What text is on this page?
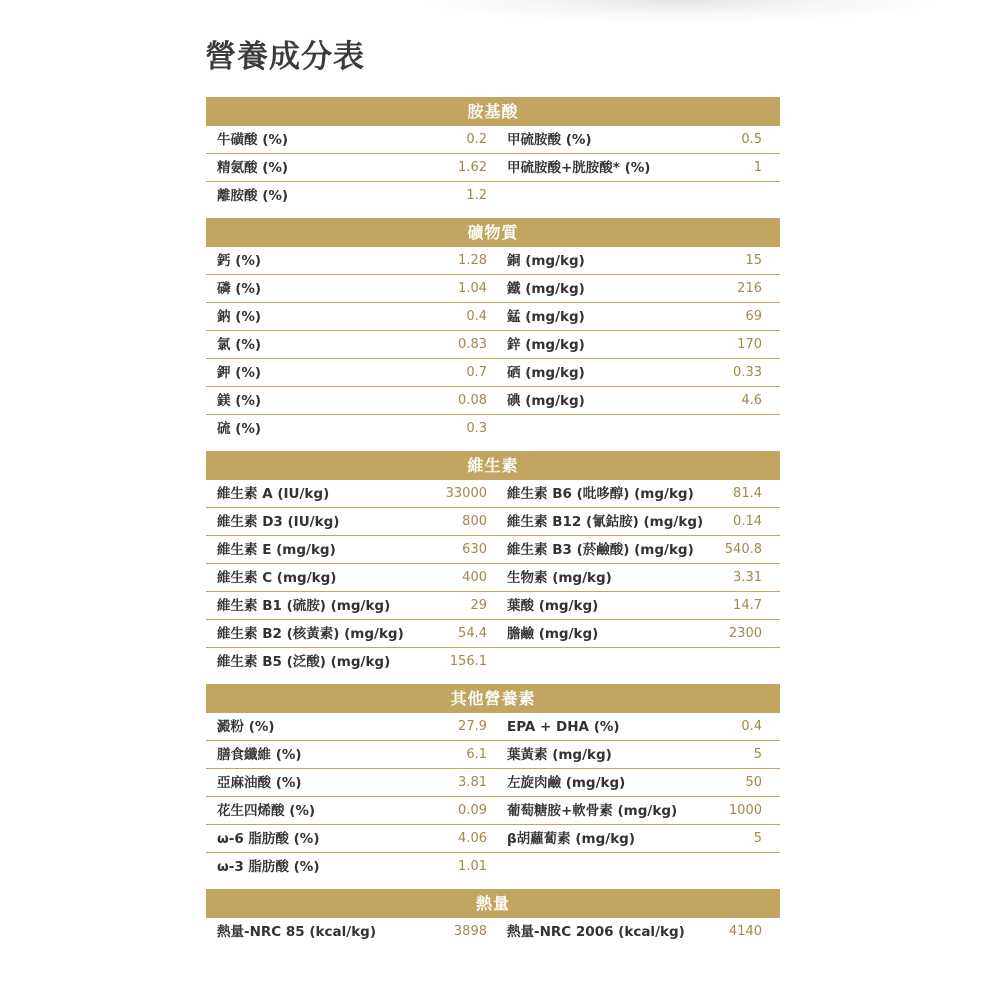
營養成分表
胺基酸
牛磺酸 (%)	0.2	甲硫胺酸 (%)	0.5
精氨酸 (%)	1.62	甲硫胺酸+胱胺酸* (%)	1
離胺酸 (%)	1.2
礦物質
鈣 (%)	1.28	銅 (mg/kg)	15
磷 (%)	1.04	鐵 (mg/kg)	216
鈉 (%)	0.4	錳 (mg/kg)	69
氯 (%)	0.83	鋅 (mg/kg)	170
鉀 (%)	0.7	硒 (mg/kg)	0.33
鎂 (%)	0.08	碘 (mg/kg)	4.6
硫 (%)	0.3
維生素
維生素 A (IU/kg)	33000	維生素 B6 (吡哆醇) (mg/kg)	81.4
維生素 D3 (IU/kg)	800	維生素 B12 (氰鈷胺) (mg/kg)	0.14
維生素 E (mg/kg)	630	維生素 B3 (菸鹼酸) (mg/kg)	540.8
維生素 C (mg/kg)	400	生物素 (mg/kg)	3.31
維生素 B1 (硫胺) (mg/kg)	29	葉酸 (mg/kg)	14.7
維生素 B2 (核黃素) (mg/kg)	54.4	膽鹼 (mg/kg)	2300
維生素 B5 (泛酸) (mg/kg)	156.1
其他營養素
澱粉 (%)	27.9	EPA + DHA (%)	0.4
膳食纖維 (%)	6.1	葉黃素 (mg/kg)	5
亞麻油酸 (%)	3.81	左旋肉鹼 (mg/kg)	50
花生四烯酸 (%)	0.09	葡萄糖胺+軟骨素 (mg/kg)	1000
ω-6 脂肪酸 (%)	4.06	β胡蘿蔔素 (mg/kg)	5
ω-3 脂肪酸 (%)	1.01
熱量
熱量-NRC 85 (kcal/kg)	3898	熱量-NRC 2006 (kcal/kg)	4140
